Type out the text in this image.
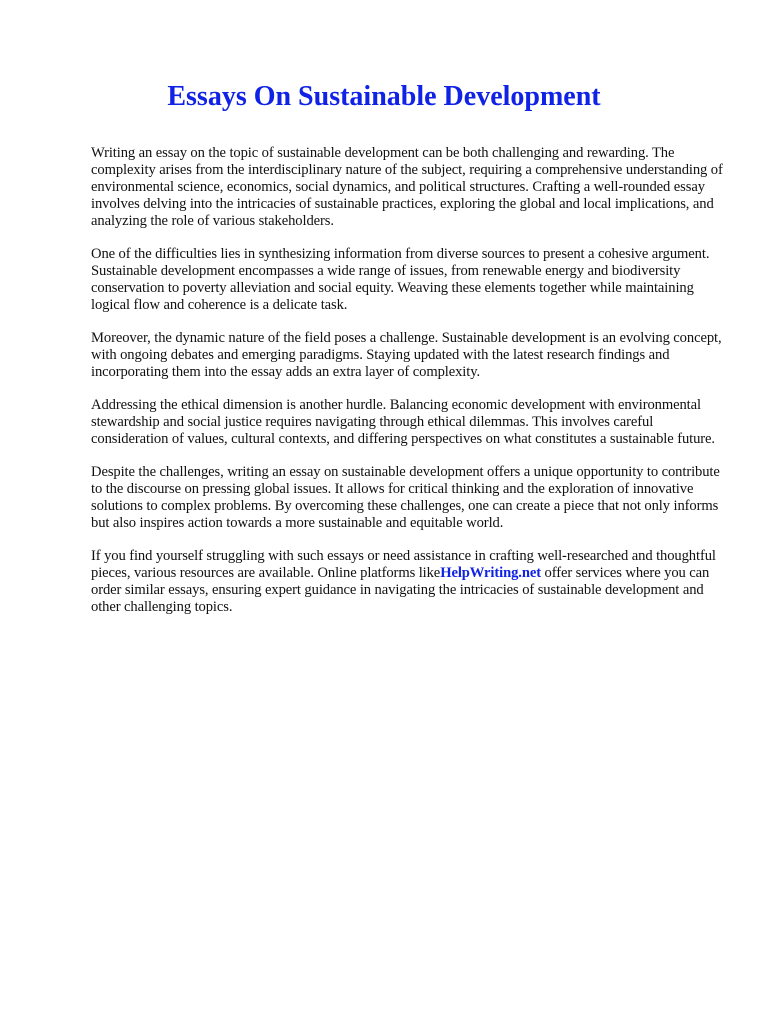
Essays On Sustainable Development

Writing an essay on the topic of sustainable development can be both challenging and rewarding. The complexity arises from the interdisciplinary nature of the subject, requiring a comprehensive understanding of environmental science, economics, social dynamics, and political structures. Crafting a well-rounded essay involves delving into the intricacies of sustainable practices, exploring the global and local implications, and analyzing the role of various stakeholders.

One of the difficulties lies in synthesizing information from diverse sources to present a cohesive argument. Sustainable development encompasses a wide range of issues, from renewable energy and biodiversity conservation to poverty alleviation and social equity. Weaving these elements together while maintaining logical flow and coherence is a delicate task.

Moreover, the dynamic nature of the field poses a challenge. Sustainable development is an evolving concept, with ongoing debates and emerging paradigms. Staying updated with the latest research findings and incorporating them into the essay adds an extra layer of complexity.

Addressing the ethical dimension is another hurdle. Balancing economic development with environmental stewardship and social justice requires navigating through ethical dilemmas. This involves careful consideration of values, cultural contexts, and differing perspectives on what constitutes a sustainable future.

Despite the challenges, writing an essay on sustainable development offers a unique opportunity to contribute to the discourse on pressing global issues. It allows for critical thinking and the exploration of innovative solutions to complex problems. By overcoming these challenges, one can create a piece that not only informs but also inspires action towards a more sustainable and equitable world.

If you find yourself struggling with such essays or need assistance in crafting well-researched and thoughtful pieces, various resources are available. Online platforms likeHelpWriting.net offer services where you can order similar essays, ensuring expert guidance in navigating the intricacies of sustainable development and other challenging topics.
